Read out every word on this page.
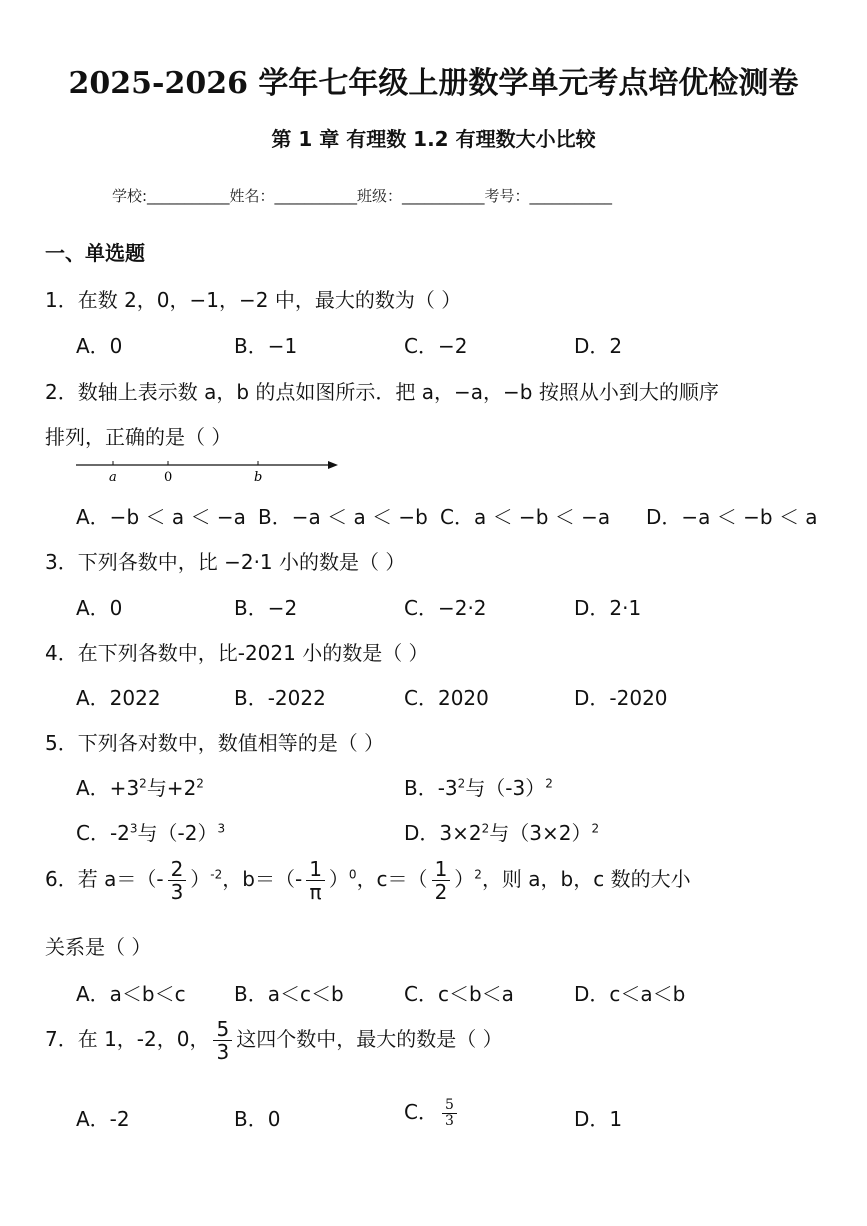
2025-2026 学年七年级上册数学单元考点培优检测卷
第 1 章 有理数 1.2 有理数大小比较
学校:___________姓名：___________班级：___________考号：___________
一、单选题
1．在数 2，0，−1，−2 中，最大的数为（ ）
A．0	B．−1	C．−2	D．2
2．数轴上表示数 a，b 的点如图所示．把 a，−a，−b 按照从小到大的顺序
排列，正确的是（ ）
a	0	b
A．−b ＜ a ＜ −a B．−a ＜ a ＜ −b C．a ＜ −b ＜ −a D．−a ＜ −b ＜ a
3．下列各数中，比 −2·1 小的数是（ ）
A．0	B．−2	C．−2·2	D．2·1
4．在下列各数中，比-2021 小的数是（ ）
A．2022	B．-2022	C．2020	D．-2020
5．下列各对数中，数值相等的是（ ）
A．$+3^2$与$+2^2$	B．$-3^2$与$(-3)^2$
C．$-2^3$与$(-2)^3$	D．$3\times 2^2$与$(3\times 2)^2$
6．若 $a=(- \frac{2}{3} )^{-2}$，$b=(- \frac{1}{\pi} )^0$，$c=( \frac{1}{2} )^2$，则 a，b，c 数的大小
关系是（ ）
A．a＜b＜c B．a＜c＜b	C．c＜b＜a	D．c＜a＜b
7．在 1，-2，0， $\frac{5}{3}$ 这四个数中，最大的数是（ ）
A．-2	B．0	C． $\frac{5}{3}$	D．1
